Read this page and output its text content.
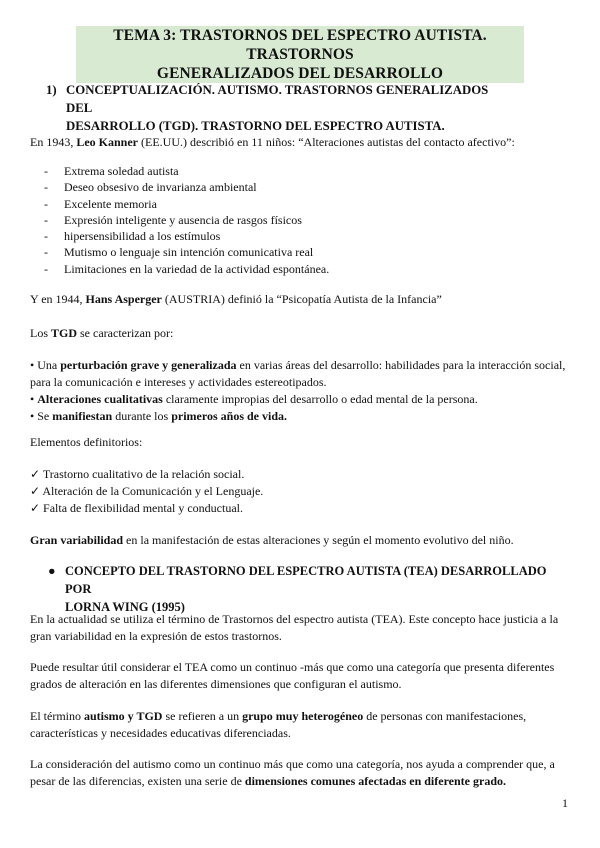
TEMA 3: TRASTORNOS DEL ESPECTRO AUTISTA. TRASTORNOS
GENERALIZADOS DEL DESARROLLO
1) CONCEPTUALIZACIÓN. AUTISMO. TRASTORNOS GENERALIZADOS DEL
DESARROLLO (TGD). TRASTORNO DEL ESPECTRO AUTISTA.
En 1943, Leo Kanner (EE.UU.) describió en 11 niños: “Alteraciones autistas del contacto afectivo”:
-	Extrema soledad autista
-	Deseo obsesivo de invarianza ambiental
-	Excelente memoria
-	Expresión inteligente y ausencia de rasgos físicos
-	hipersensibilidad a los estímulos
-	Mutismo o lenguaje sin intención comunicativa real
-	Limitaciones en la variedad de la actividad espontánea.
Y en 1944, Hans Asperger (AUSTRIA) definió la “Psicopatía Autista de la Infancia”
Los TGD se caracterizan por:
• Una perturbación grave y generalizada en varias áreas del desarrollo: habilidades para la interacción social,
para la comunicación e intereses y actividades estereotipados.
• Alteraciones cualitativas claramente impropias del desarrollo o edad mental de la persona.
• Se manifiestan durante los primeros años de vida.
Elementos definitorios:
✓ Trastorno cualitativo de la relación social.
✓ Alteración de la Comunicación y el Lenguaje.
✓ Falta de flexibilidad mental y conductual.
Gran variabilidad en la manifestación de estas alteraciones y según el momento evolutivo del niño.
● CONCEPTO DEL TRASTORNO DEL ESPECTRO AUTISTA (TEA) DESARROLLADO POR
LORNA WING (1995)
En la actualidad se utiliza el término de Trastornos del espectro autista (TEA). Este concepto hace justicia a la
gran variabilidad en la expresión de estos trastornos.
Puede resultar útil considerar el TEA como un continuo -más que como una categoría que presenta diferentes
grados de alteración en las diferentes dimensiones que configuran el autismo.
El término autismo y TGD se refieren a un grupo muy heterogéneo de personas con manifestaciones,
características y necesidades educativas diferenciadas.
La consideración del autismo como un continuo más que como una categoría, nos ayuda a comprender que, a
pesar de las diferencias, existen una serie de dimensiones comunes afectadas en diferente grado.
1
